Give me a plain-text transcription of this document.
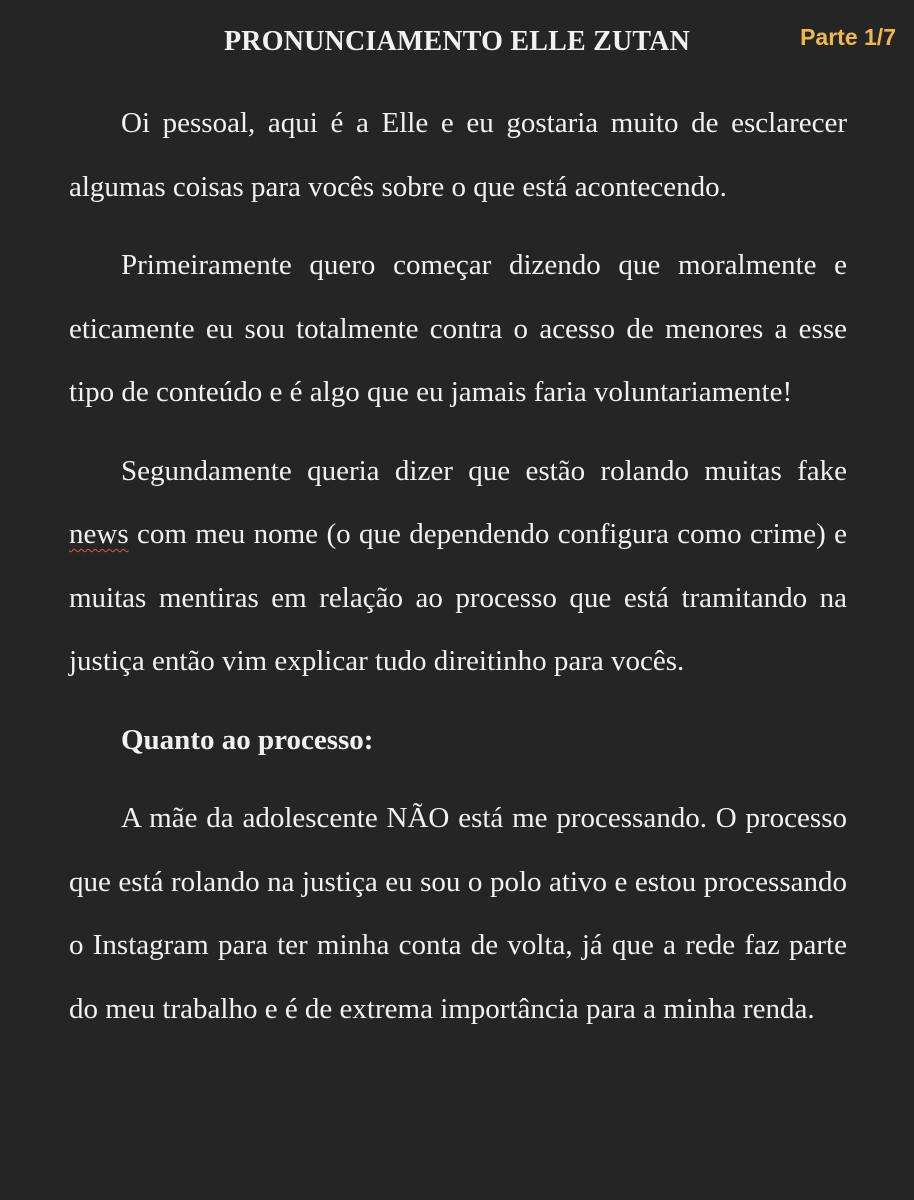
PRONUNCIAMENTO ELLE ZUTAN	Parte 1/7

Oi pessoal, aqui é a Elle e eu gostaria muito de esclarecer algumas coisas para vocês sobre o que está acontecendo.

Primeiramente quero começar dizendo que moralmente e eticamente eu sou totalmente contra o acesso de menores a esse tipo de conteúdo e é algo que eu jamais faria voluntariamente!

Segundamente queria dizer que estão rolando muitas fake news com meu nome (o que dependendo configura como crime) e muitas mentiras em relação ao processo que está tramitando na justiça então vim explicar tudo direitinho para vocês.

Quanto ao processo:

A mãe da adolescente NÃO está me processando. O processo que está rolando na justiça eu sou o polo ativo e estou processando o Instagram para ter minha conta de volta, já que a rede faz parte do meu trabalho e é de extrema importância para a minha renda.
